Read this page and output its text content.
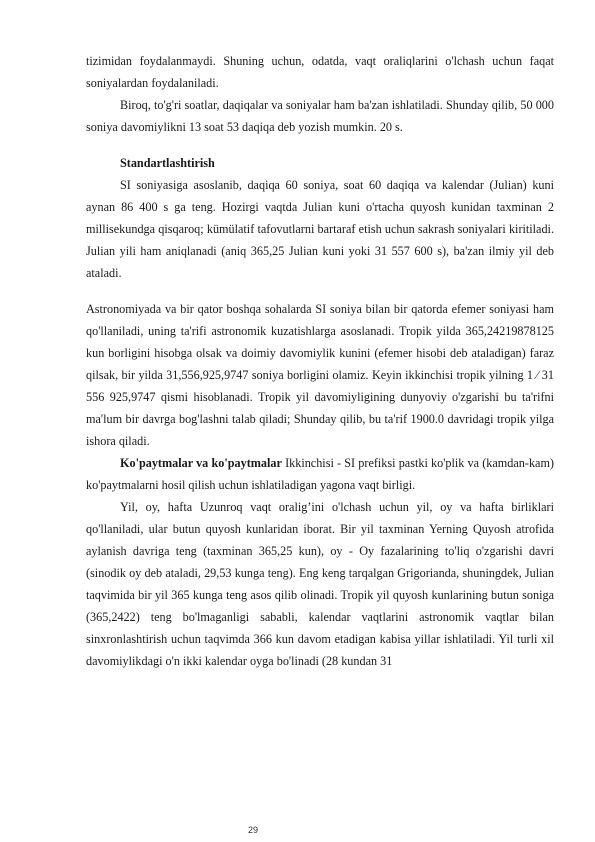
tizimidan foydalanmaydi. Shuning uchun, odatda, vaqt oraliqlarini o'lchash uchun faqat soniyalardan foydalaniladi.

Biroq, to'g'ri soatlar, daqiqalar va soniyalar ham ba'zan ishlatiladi. Shunday qilib, 50 000 soniya davomiylikni 13 soat 53 daqiqa deb yozish mumkin. 20 s.

Standartlashtirish

SI soniyasiga asoslanib, daqiqa 60 soniya, soat 60 daqiqa va kalendar (Julian) kuni aynan 86 400 s ga teng. Hozirgi vaqtda Julian kuni o'rtacha quyosh kunidan taxminan 2 millisekundga qisqaroq; kümülatif tafovutlarni bartaraf etish uchun sakrash soniyalari kiritiladi. Julian yili ham aniqlanadi (aniq 365,25 Julian kuni yoki 31 557 600 s), ba'zan ilmiy yil deb ataladi.

Astronomiyada va bir qator boshqa sohalarda SI soniya bilan bir qatorda efemer soniyasi ham qo'llaniladi, uning ta'rifi astronomik kuzatishlarga asoslanadi. Tropik yilda 365,24219878125 kun borligini hisobga olsak va doimiy davomiylik kunini (efemer hisobi deb ataladigan) faraz qilsak, bir yilda 31,556,925,9747 soniya borligini olamiz. Keyin ikkinchisi tropik yilning 1 ⁄ 31 556 925,9747 qismi hisoblanadi. Tropik yil davomiyligining dunyoviy o'zgarishi bu ta'rifni ma'lum bir davrga bog'lashni talab qiladi; Shunday qilib, bu ta'rif 1900.0 davridagi tropik yilga ishora qiladi.

Ko'paytmalar va ko'paytmalar Ikkinchisi - SI prefiksi pastki ko'plik va (kamdan-kam) ko'paytmalarni hosil qilish uchun ishlatiladigan yagona vaqt birligi.

Yil, oy, hafta Uzunroq vaqt oralig’ini o'lchash uchun yil, oy va hafta birliklari qo'llaniladi, ular butun quyosh kunlaridan iborat. Bir yil taxminan Yerning Quyosh atrofida aylanish davriga teng (taxminan 365,25 kun), oy - Oy fazalarining to'liq o'zgarishi davri (sinodik oy deb ataladi, 29,53 kunga teng). Eng keng tarqalgan Grigorianda, shuningdek, Julian taqvimida bir yil 365 kunga teng asos qilib olinadi. Tropik yil quyosh kunlarining butun soniga (365,2422) teng bo'lmaganligi sababli, kalendar vaqtlarini astronomik vaqtlar bilan sinxronlashtirish uchun taqvimda 366 kun davom etadigan kabisa yillar ishlatiladi. Yil turli xil davomiylikdagi o'n ikki kalendar oyga bo'linadi (28 kundan 31

29
